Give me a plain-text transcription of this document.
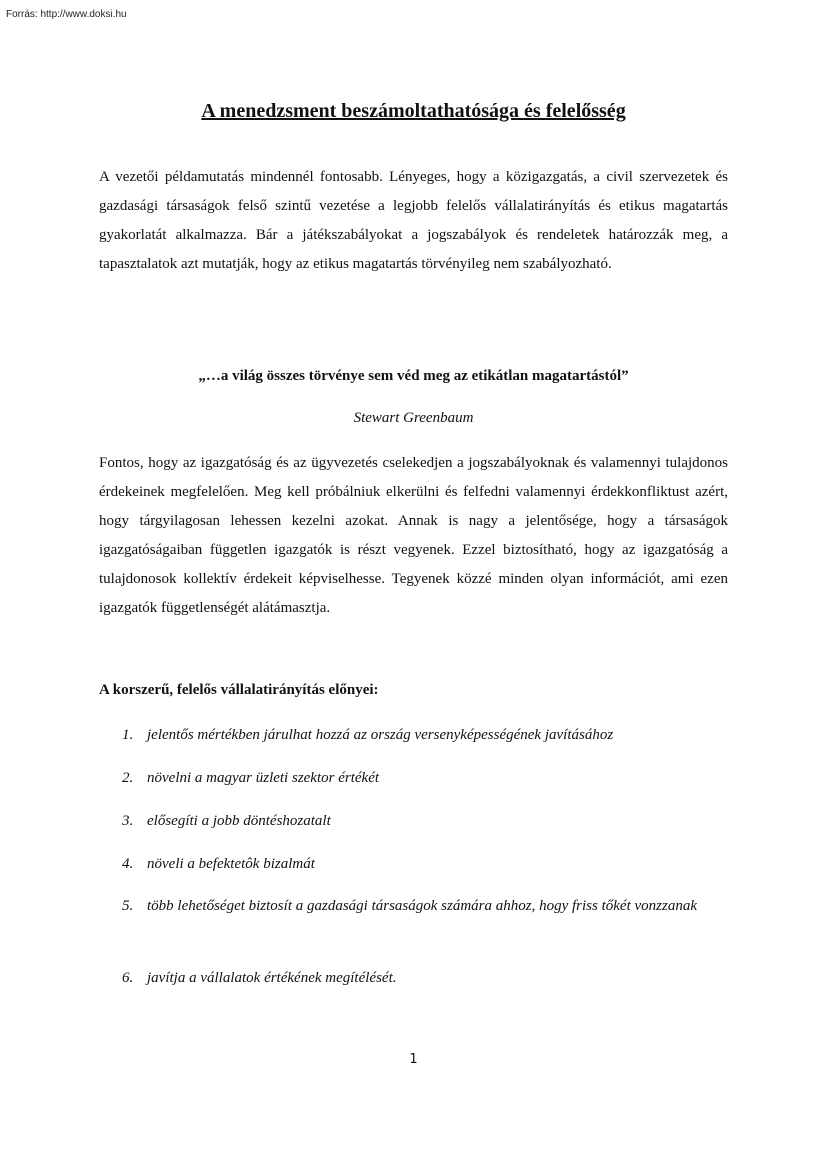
Forrás: http://www.doksi.hu
A menedzsment beszámoltathatósága és felelősség

A vezetői példamutatás mindennél fontosabb. Lényeges, hogy a közigazgatás, a civil szervezetek és gazdasági társaságok felső szintű vezetése a legjobb felelős vállalatirányítás és etikus magatartás gyakorlatát alkalmazza. Bár a játékszabályokat a jogszabályok és rendeletek határozzák meg, a tapasztalatok azt mutatják, hogy az etikus magatartás törvényileg nem szabályozható.

„…a világ összes törvénye sem véd meg az etikátlan magatartástól”

Stewart Greenbaum

Fontos, hogy az igazgatóság és az ügyvezetés cselekedjen a jogszabályoknak és valamennyi tulajdonos érdekeinek megfelelően. Meg kell próbálniuk elkerülni és felfedni valamennyi érdekkonfliktust azért, hogy tárgyilagosan lehessen kezelni azokat. Annak is nagy a jelentősége, hogy a társaságok igazgatóságaiban független igazgatók is részt vegyenek. Ezzel biztosítható, hogy az igazgatóság a tulajdonosok kollektív érdekeit képviselhesse. Tegyenek közzé minden olyan információt, ami ezen igazgatók függetlenségét alátámasztja.

A korszerű, felelős vállalatirányítás előnyei:

1. jelentős mértékben járulhat hozzá az ország versenyképességének javításához
2. növelni a magyar üzleti szektor értékét
3. elősegíti a jobb döntéshozatalt
4. növeli a befektetôk bizalmát
5. több lehetőséget biztosít a gazdasági társaságok számára ahhoz, hogy friss tőkét vonzzanak
6. javítja a vállalatok értékének megítélését.

1
